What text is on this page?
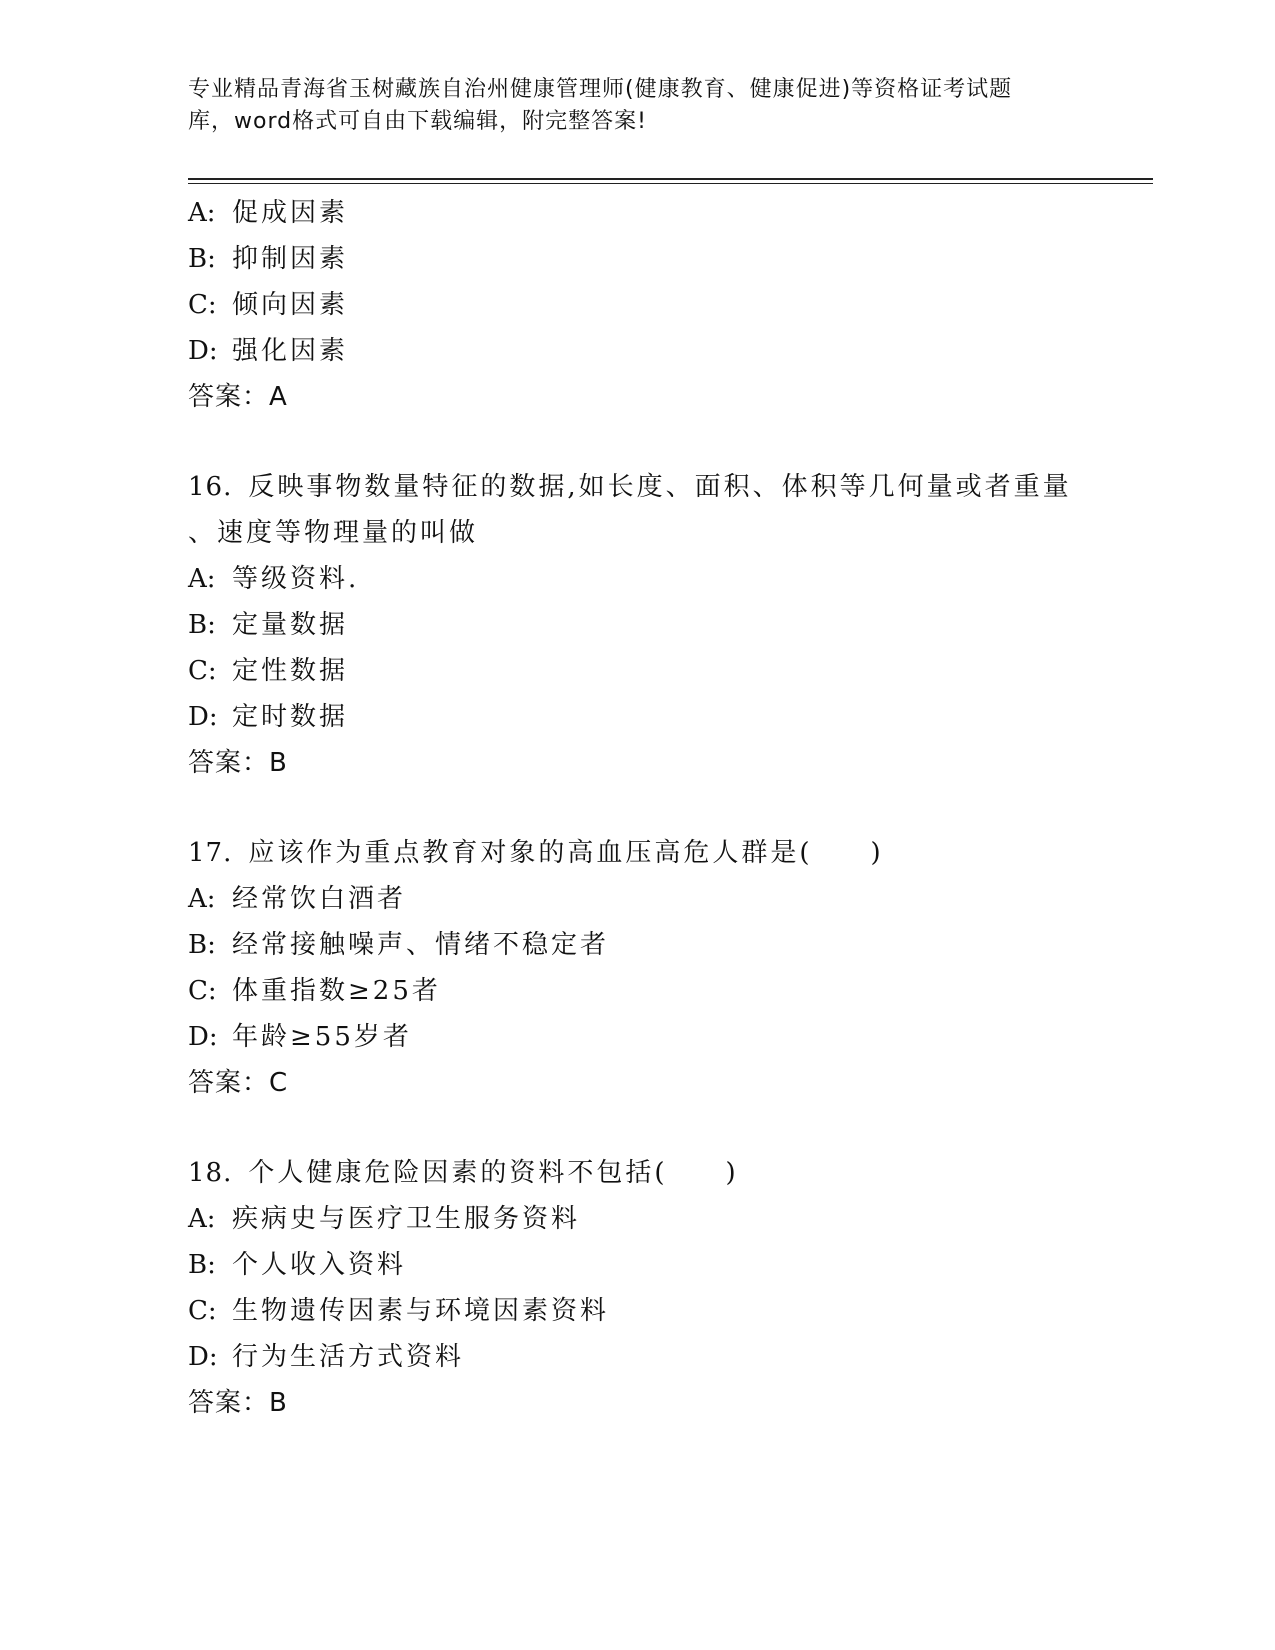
专业精品青海省玉树藏族自治州健康管理师(健康教育、健康促进)等资格证考试题
库，word格式可自由下载编辑，附完整答案!
A: 促成因素
B: 抑制因素
C: 倾向因素
D: 强化因素
答案：A
16. 反映事物数量特征的数据,如长度、面积、体积等几何量或者重量
、速度等物理量的叫做
A: 等级资料.
B: 定量数据
C: 定性数据
D: 定时数据
答案：B
17. 应该作为重点教育对象的高血压高危人群是(　　)
A: 经常饮白酒者
B: 经常接触噪声、情绪不稳定者
C: 体重指数≥25者
D: 年龄≥55岁者
答案：C
18. 个人健康危险因素的资料不包括(　　)
A: 疾病史与医疗卫生服务资料
B: 个人收入资料
C: 生物遗传因素与环境因素资料
D: 行为生活方式资料
答案：B
